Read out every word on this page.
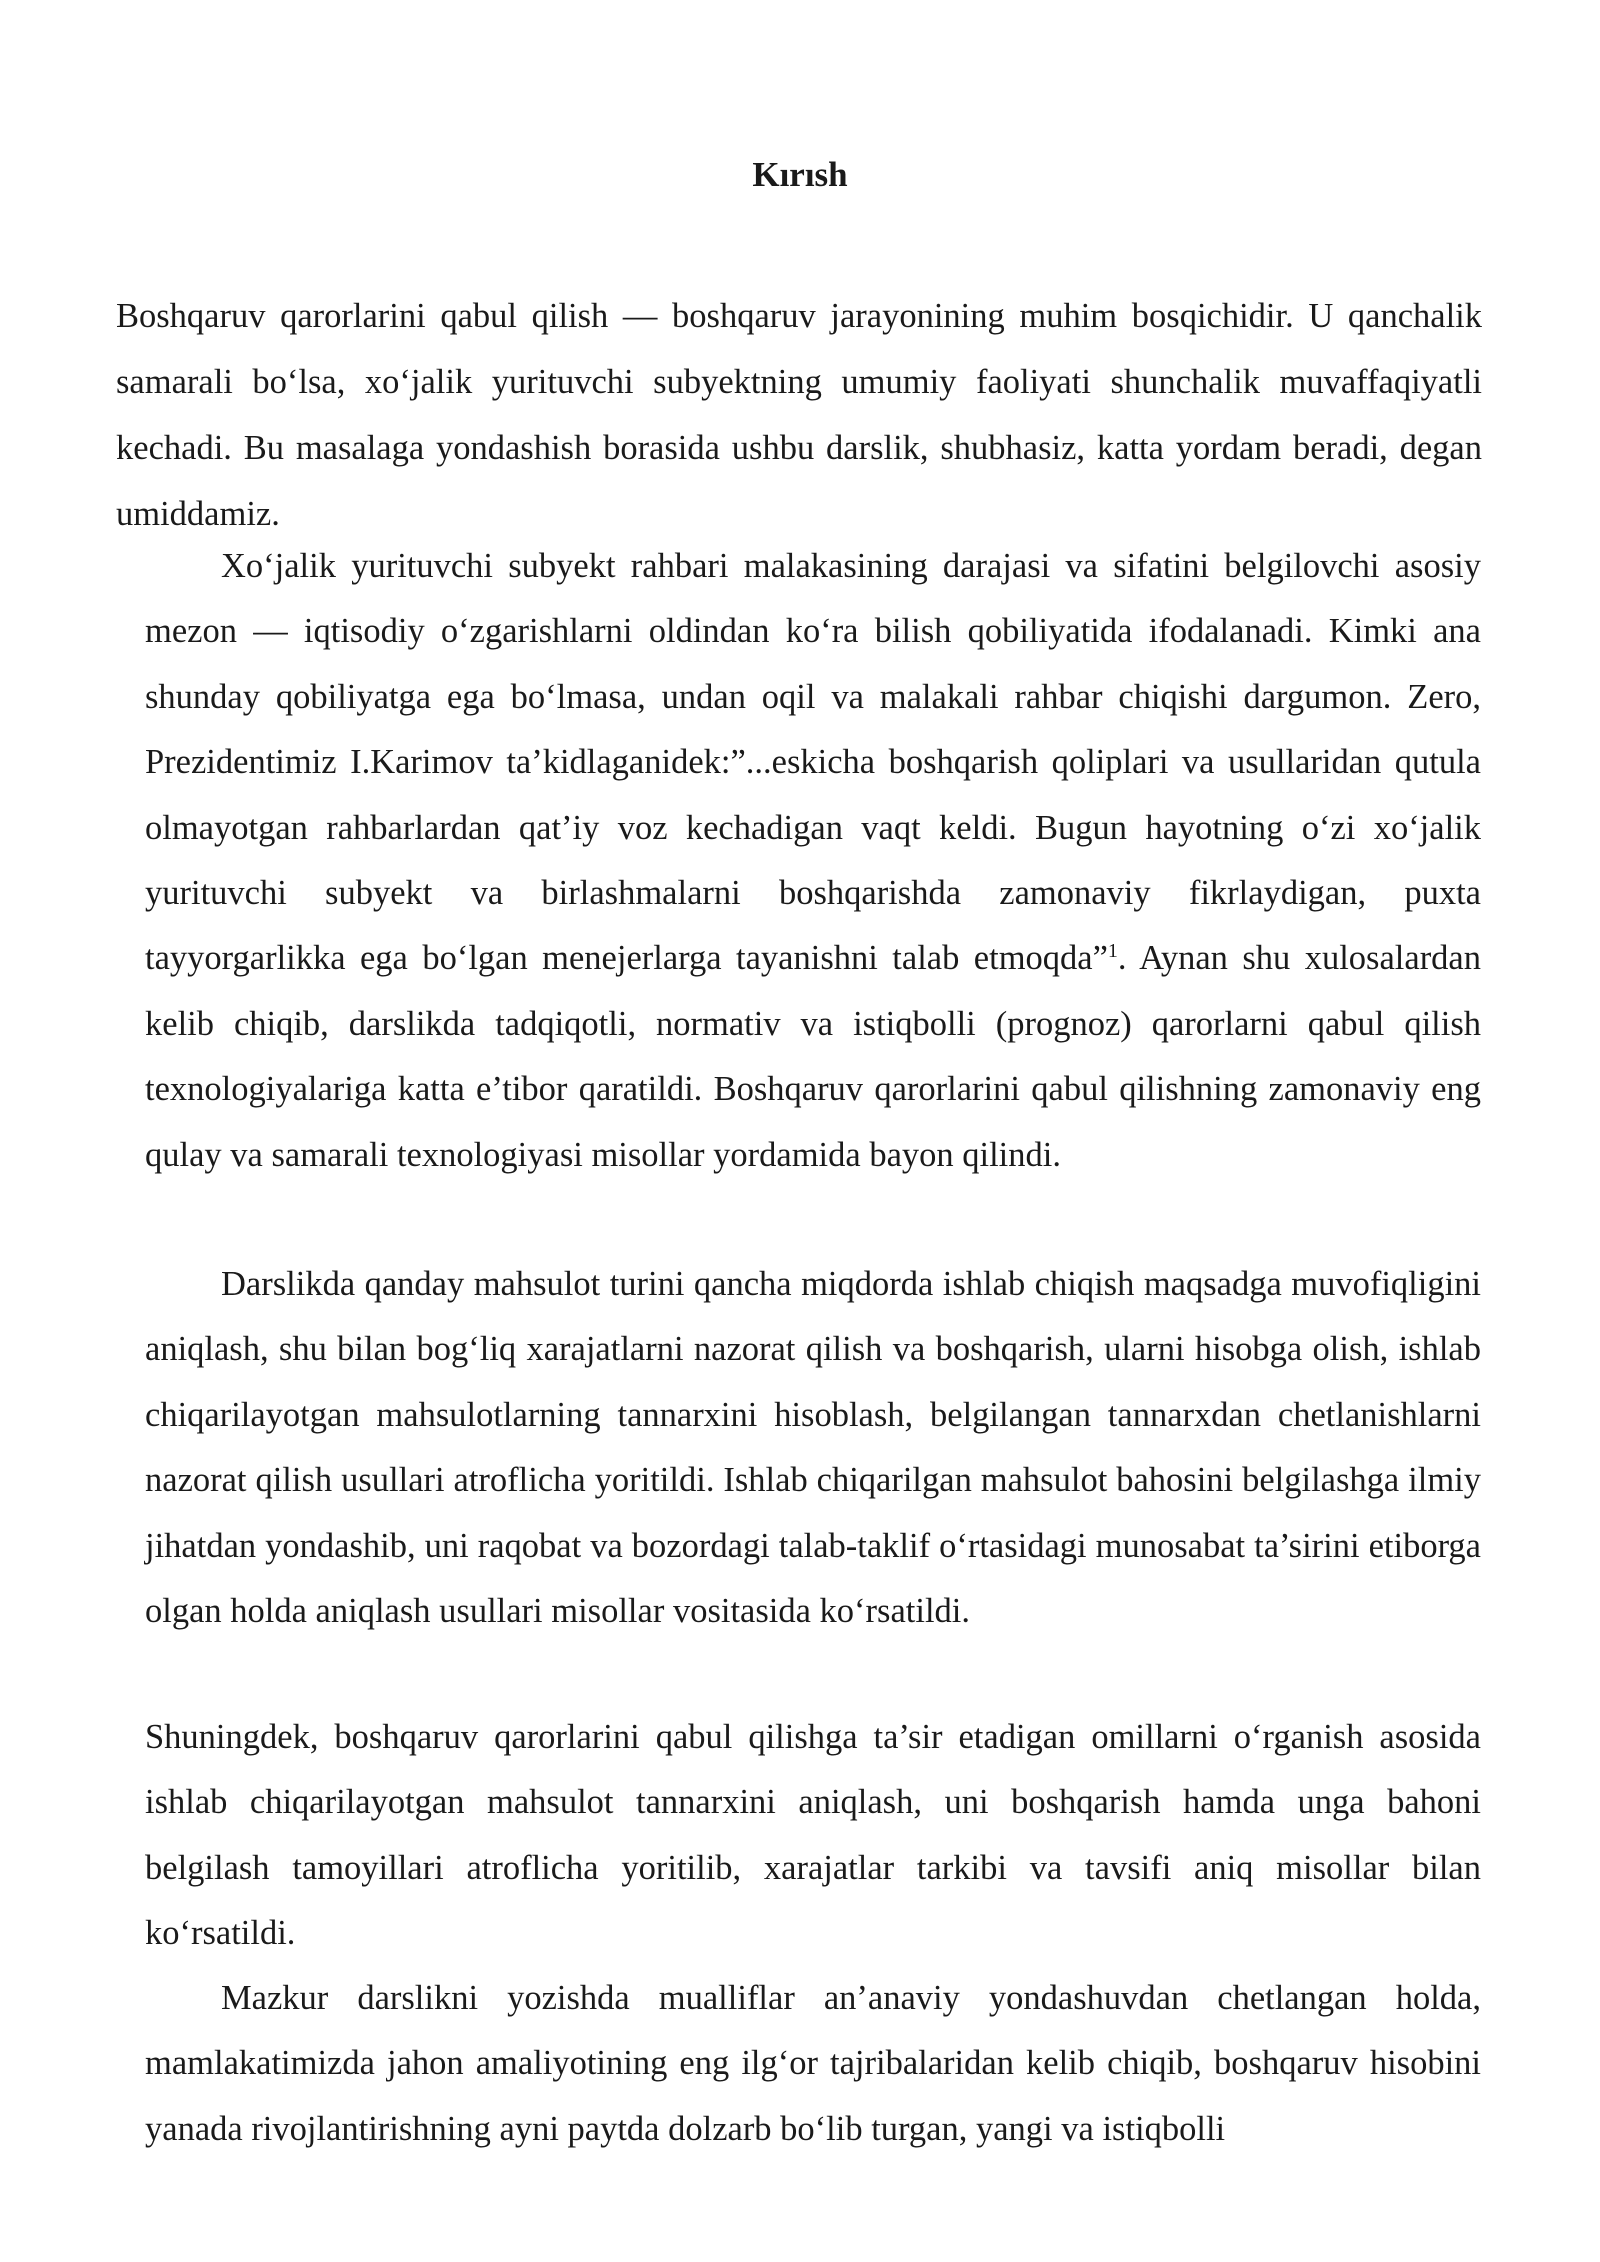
Kırısh

Boshqaruv qarorlarini qabul qilish — boshqaruv jarayonining muhim bosqichidir. U qanchalik samarali bo‘lsa, xo‘jalik yurituvchi subyektning umumiy faoliyati shunchalik muvaffaqiyatli kechadi. Bu masalaga yondashish borasida ushbu darslik, shubhasiz, katta yordam beradi, degan umiddamiz.

Xo‘jalik yurituvchi subyekt rahbari malakasining darajasi va sifatini belgilovchi asosiy mezon — iqtisodiy o‘zgarishlarni oldindan ko‘ra bilish qobiliyatida ifodalanadi. Kimki ana shunday qobiliyatga ega bo‘lmasa, undan oqil va malakali rahbar chiqishi dargumon. Zero, Prezidentimiz I.Karimov ta’kidlaganidek:”...eskicha boshqarish qoliplari va usullaridan qutula olmayotgan rahbarlardan qat’iy voz kechadigan vaqt keldi. Bugun hayotning o‘zi xo‘jalik yurituvchi subyekt va birlashmalarni boshqarishda zamonaviy fikrlaydigan, puxta tayyorgarlikka ega bo‘lgan menejerlarga tayanishni talab etmoqda”$^1$. Aynan shu xulosalardan kelib chiqib, darslikda tadqiqotli, normativ va istiqbolli (prognoz) qarorlarni qabul qilish texnologiyalariga katta e’tibor qaratildi. Boshqaruv qarorlarini qabul qilishning zamonaviy eng qulay va samarali texnologiyasi misollar yordamida bayon qilindi.

Darslikda qanday mahsulot turini qancha miqdorda ishlab chiqish maqsadga muvofiqligini aniqlash, shu bilan bog‘liq xarajatlarni nazorat qilish va boshqarish, ularni hisobga olish, ishlab chiqarilayotgan mahsulotlarning tannarxini hisoblash, belgilangan tannarxdan chetlanishlarni nazorat qilish usullari atroflicha yoritildi. Ishlab chiqarilgan mahsulot bahosini belgilashga ilmiy jihatdan yondashib, uni raqobat va bozordagi talab-taklif o‘rtasidagi munosabat ta’sirini etiborga olgan holda aniqlash usullari misollar vositasida ko‘rsatildi.

Shuningdek, boshqaruv qarorlarini qabul qilishga ta’sir etadigan omillarni o‘rganish asosida ishlab chiqarilayotgan mahsulot tannarxini aniqlash, uni boshqarish hamda unga bahoni belgilash tamoyillari atroflicha yoritilib, xarajatlar tarkibi va tavsifi aniq misollar bilan ko‘rsatildi.

Mazkur darslikni yozishda mualliflar an’anaviy yondashuvdan chetlangan holda, mamlakatimizda jahon amaliyotining eng ilg‘or tajribalaridan kelib chiqib, boshqaruv hisobini yanada rivojlantirishning ayni paytda dolzarb bo‘lib turgan, yangi va istiqbolli
